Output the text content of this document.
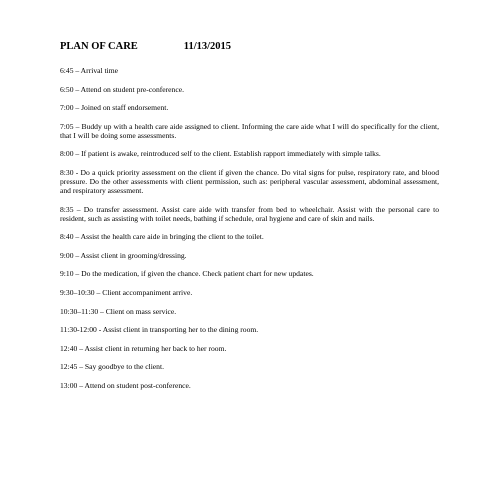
PLAN OF CARE	11/13/2015

6:45 – Arrival time

6:50 – Attend on student pre-conference.

7:00 – Joined on staff endorsement.

7:05 – Buddy up with a health care aide assigned to client. Informing the care aide what I will do specifically for the client, that I will be doing some assessments.

8:00 – If patient is awake, reintroduced self to the client. Establish rapport immediately with simple talks.

8:30 - Do a quick priority assessment on the client if given the chance. Do vital signs for pulse, respiratory rate, and blood pressure. Do the other assessments with client permission, such as: peripheral vascular assessment, abdominal assessment, and respiratory assessment.

8:35 – Do transfer assessment. Assist care aide with transfer from bed to wheelchair. Assist with the personal care to resident, such as assisting with toilet needs, bathing if schedule, oral hygiene and care of skin and nails.

8:40 – Assist the health care aide in bringing the client to the toilet.

9:00 – Assist client in grooming/dressing.

9:10 – Do the medication, if given the chance. Check patient chart for new updates.

9:30–10:30 – Client accompaniment arrive.

10:30–11:30 – Client on mass service.

11:30-12:00 - Assist client in transporting her to the dining room.

12:40 – Assist client in returning her back to her room.

12:45 – Say goodbye to the client.

13:00 – Attend on student post-conference.
